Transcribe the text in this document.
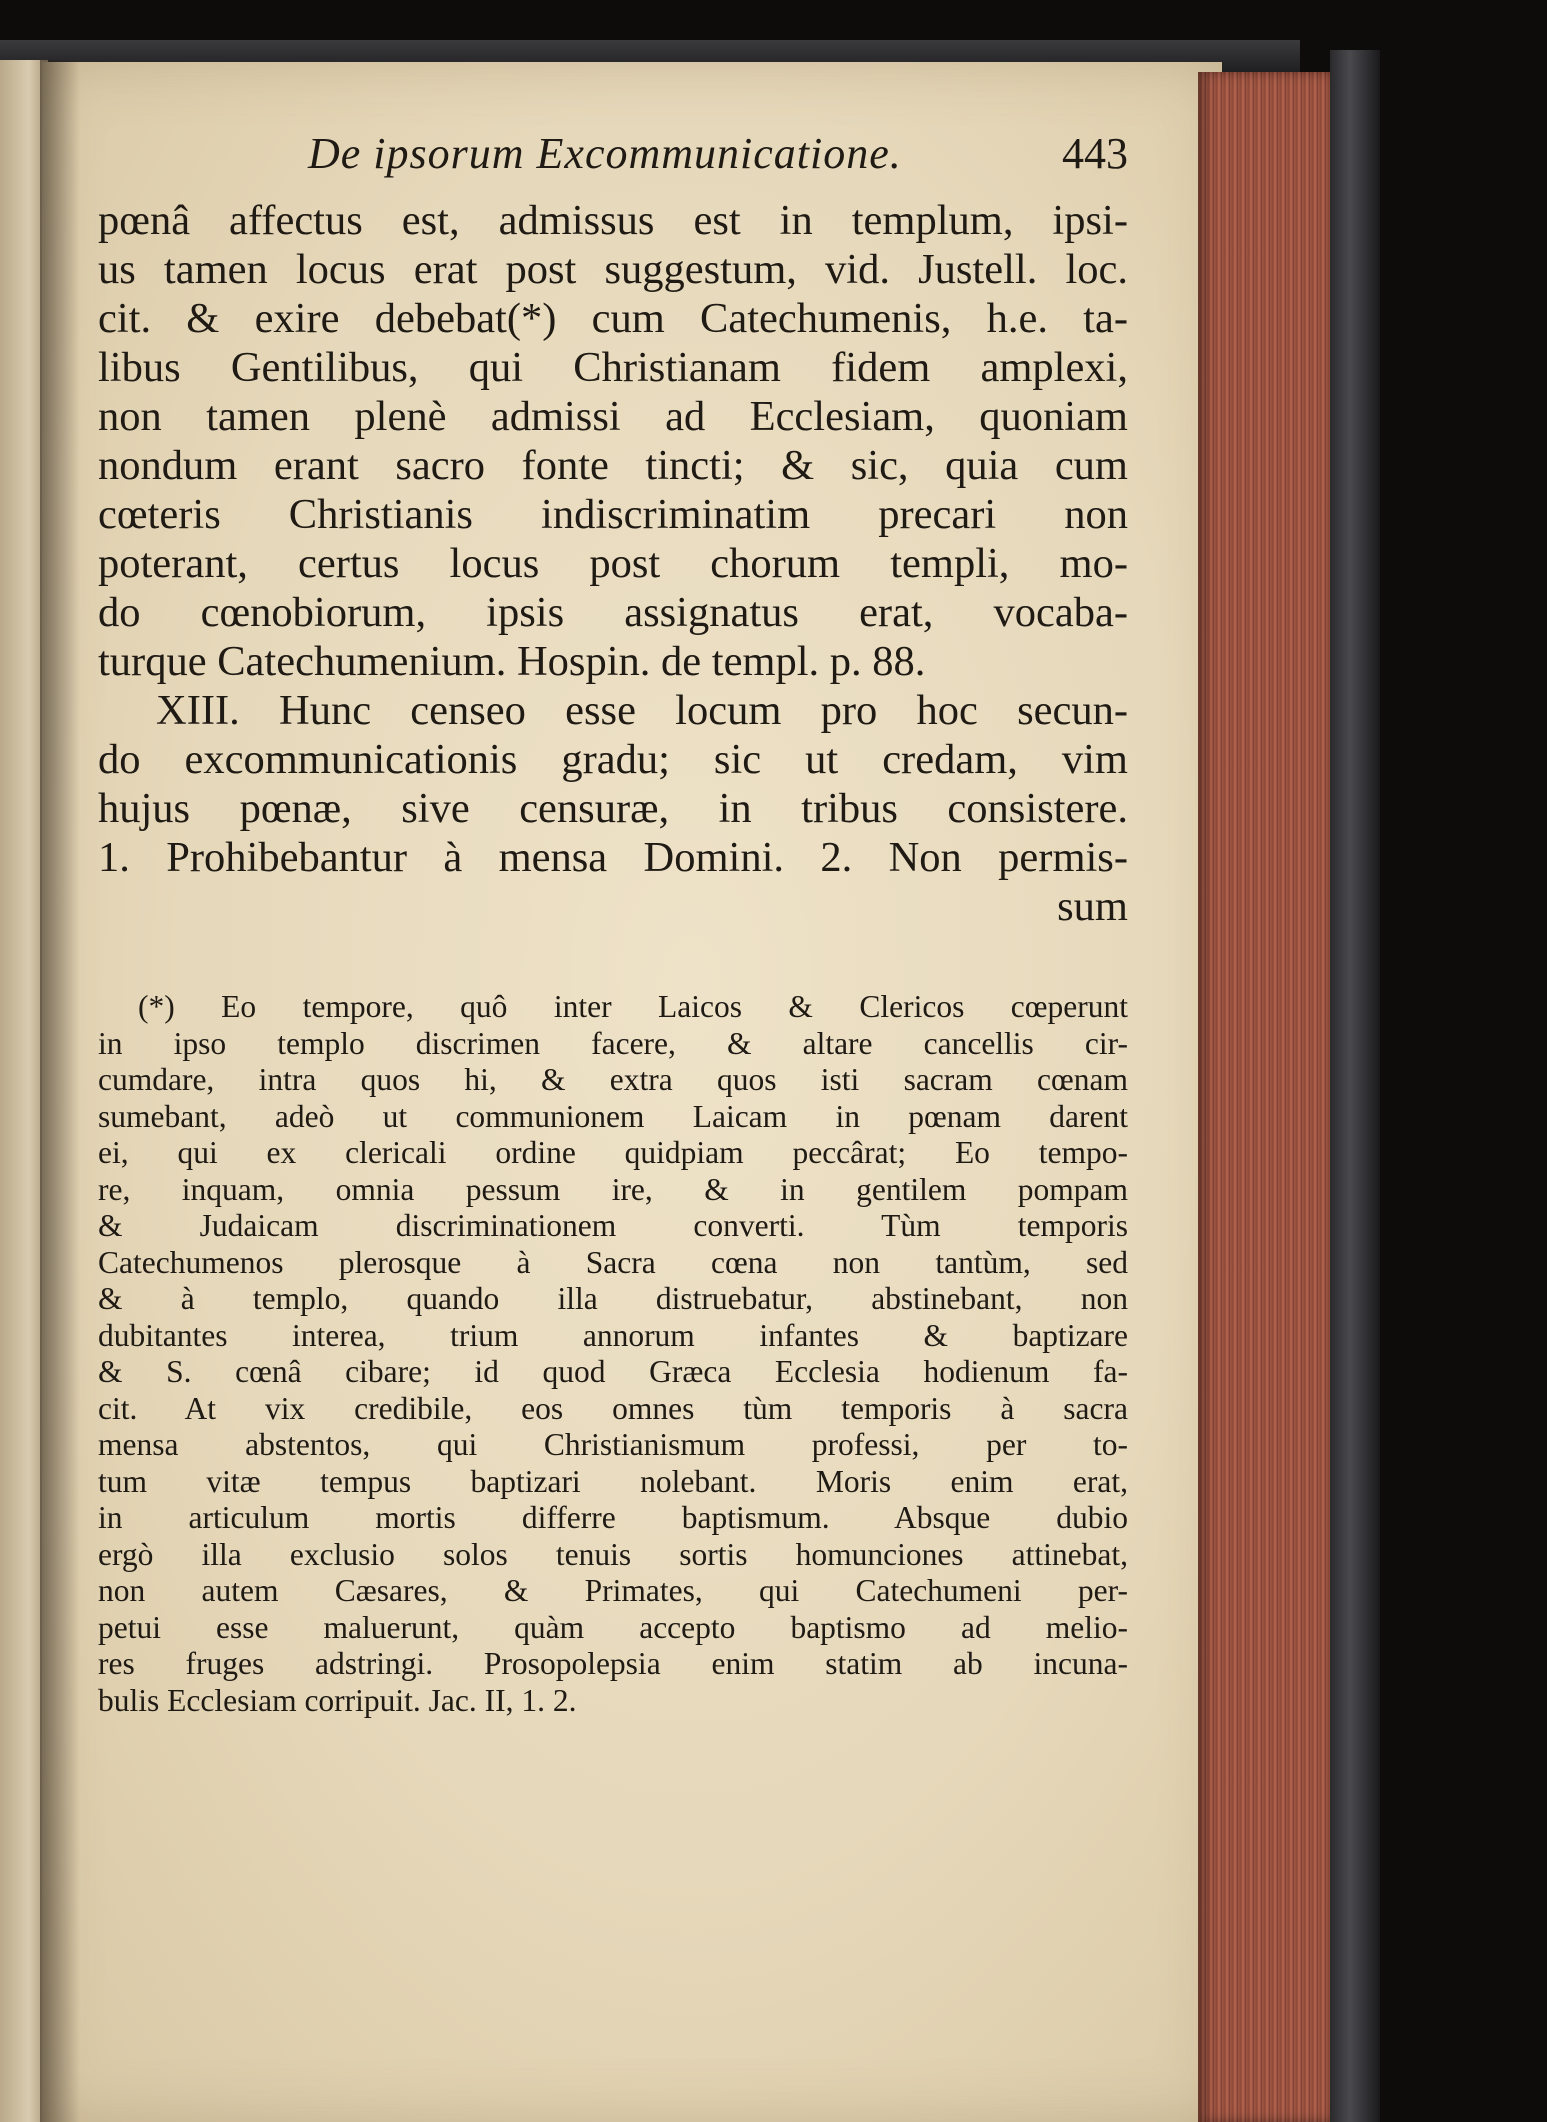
De ipsorum Excommunicatione.	443
pœnâ affectus est, admissus est in templum, ipsi-
us tamen locus erat post suggestum, vid. Justell. loc.
cit. & exire debebat(*) cum Catechumenis, h.e. ta-
libus Gentilibus, qui Christianam fidem amplexi,
non tamen plenè admissi ad Ecclesiam, quoniam
nondum erant sacro fonte tincti; & sic, quia cum
cœteris Christianis indiscriminatim precari non
poterant, certus locus post chorum templi, mo-
do cœnobiorum, ipsis assignatus erat, vocaba-
turque Catechumenium. Hospin. de templ. p. 88.
XIII. Hunc censeo esse locum pro hoc secun-
do excommunicationis gradu; sic ut credam, vim
hujus pœnæ, sive censuræ, in tribus consistere.
1. Prohibebantur à mensa Domini. 2. Non permis-
sum
(*) Eo tempore, quô inter Laicos & Clericos cœperunt
in ipso templo discrimen facere, & altare cancellis cir-
cumdare, intra quos hi, & extra quos isti sacram cœnam
sumebant, adeò ut communionem Laicam in pœnam darent
ei, qui ex clericali ordine quidpiam peccârat; Eo tempo-
re, inquam, omnia pessum ire, & in gentilem pompam
& Judaicam discriminationem converti. Tùm temporis
Catechumenos plerosque à Sacra cœna non tantùm, sed
& à templo, quando illa distruebatur, abstinebant, non
dubitantes interea, trium annorum infantes & baptizare
& S. cœnâ cibare; id quod Græca Ecclesia hodienum fa-
cit. At vix credibile, eos omnes tùm temporis à sacra
mensa abstentos, qui Christianismum professi, per to-
tum vitæ tempus baptizari nolebant. Moris enim erat,
in articulum mortis differre baptismum. Absque dubio
ergò illa exclusio solos tenuis sortis homunciones attinebat,
non autem Cæsares, & Primates, qui Catechumeni per-
petui esse maluerunt, quàm accepto baptismo ad melio-
res fruges adstringi. Prosopolepsia enim statim ab incuna-
bulis Ecclesiam corripuit. Jac. II, 1. 2.
